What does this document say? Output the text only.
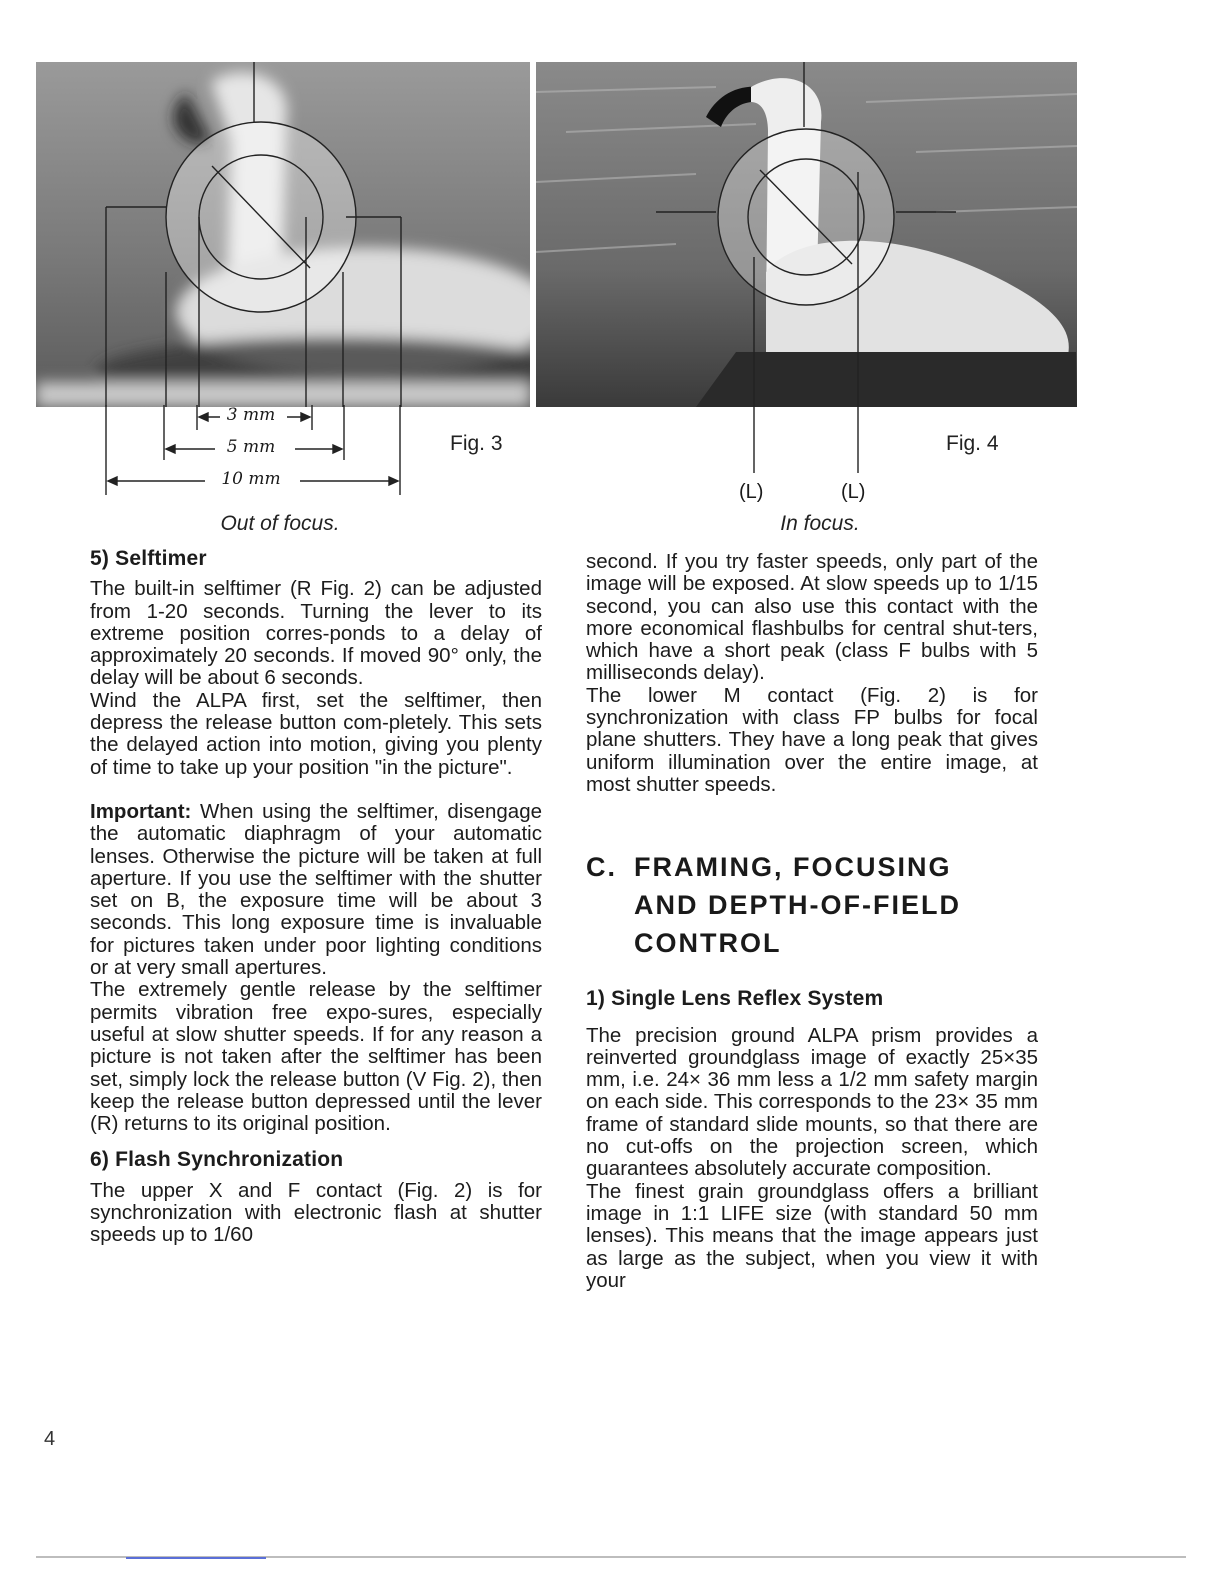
3 mm
5 mm
10 mm
Fig. 3
Out of focus.
(L)	(L)
Fig. 4
In focus.
5) Selftimer

The built-in selftimer (R Fig. 2) can be adjusted from 1-20 seconds. Turning the lever to its extreme position corres-ponds to a delay of approximately 20 seconds. If moved 90° only, the delay will be about 6 seconds.

Wind the ALPA first, set the selftimer, then depress the release button com-pletely. This sets the delayed action into motion, giving you plenty of time to take up your position "in the picture".

Important: When using the selftimer, disengage the automatic diaphragm of your automatic lenses. Otherwise the picture will be taken at full aperture. If you use the selftimer with the shutter set on B, the exposure time will be about 3 seconds. This long exposure time is invaluable for pictures taken under poor lighting conditions or at very small apertures.

The extremely gentle release by the selftimer permits vibration free expo-sures, especially useful at slow shutter speeds. If for any reason a picture is not taken after the selftimer has been set, simply lock the release button (V Fig. 2), then keep the release button depressed until the lever (R) returns to its original position.

6) Flash Synchronization

The upper X and F contact (Fig. 2) is for synchronization with electronic flash at shutter speeds up to 1/60

second. If you try faster speeds, only part of the image will be exposed. At slow speeds up to 1/15 second, you can also use this contact with the more economical flashbulbs for central shut-ters, which have a short peak (class F bulbs with 5 milliseconds delay).

The lower M contact (Fig. 2) is for synchronization with class FP bulbs for focal plane shutters. They have a long peak that gives uniform illumination over the entire image, at most shutter speeds.

C. FRAMING, FOCUSING
AND DEPTH-OF-FIELD
CONTROL
1) Single Lens Reflex System

The precision ground ALPA prism provides a reinverted groundglass image of exactly 25×35 mm, i.e. 24× 36 mm less a 1/2 mm safety margin on each side. This corresponds to the 23× 35 mm frame of standard slide mounts, so that there are no cut-offs on the projection screen, which guarantees absolutely accurate composition.

The finest grain groundglass offers a brilliant image in 1:1 LIFE size (with standard 50 mm lenses). This means that the image appears just as large as the subject, when you view it with your

4
